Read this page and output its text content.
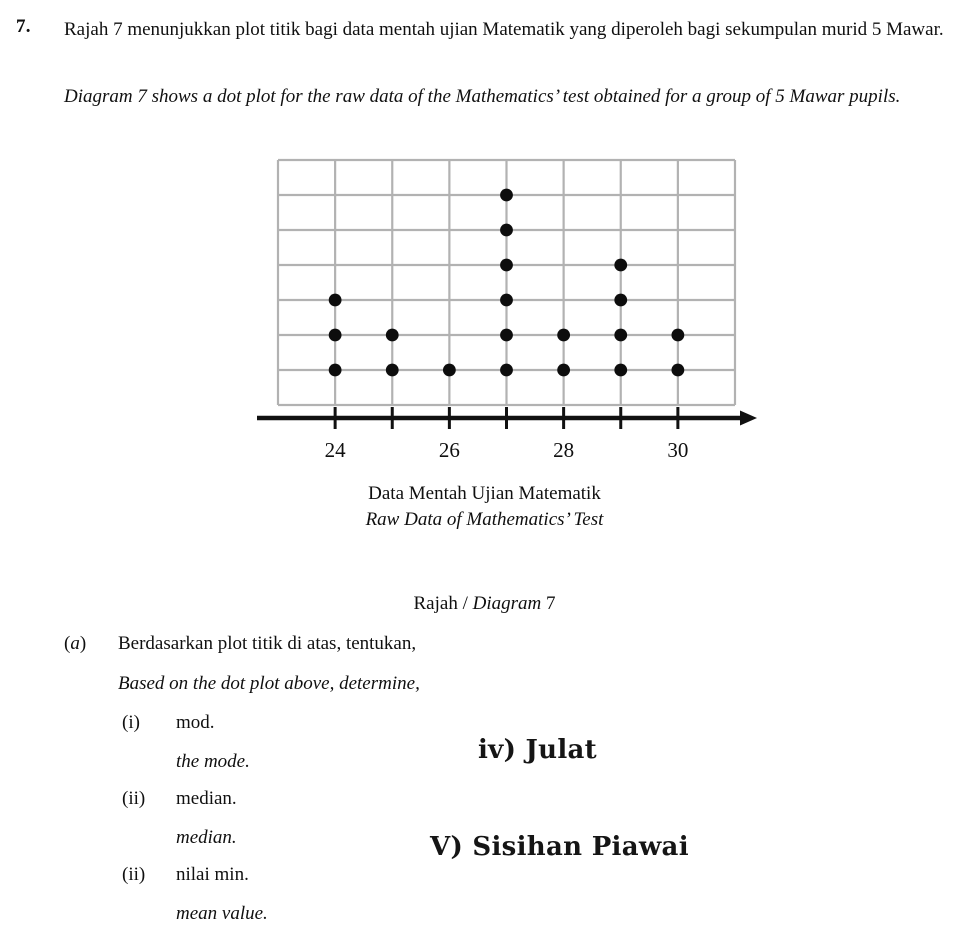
7. Rajah 7 menunjukkan plot titik bagi data mentah ujian Matematik yang diperoleh bagi sekumpulan murid 5 Mawar.
Diagram 7 shows a dot plot for the raw data of the Mathematics’ test obtained for a group of 5 Mawar pupils.
24	26	28	30
Data Mentah Ujian Matematik
Raw Data of Mathematics’ Test
Rajah / Diagram 7
(a) Berdasarkan plot titik di atas, tentukan,
Based on the dot plot above, determine,
(i)	mod.
the mode.
(ii)	median.
median.
(ii)	nilai min.
mean value.
iv) Julat
V) Sisihan Piawai
